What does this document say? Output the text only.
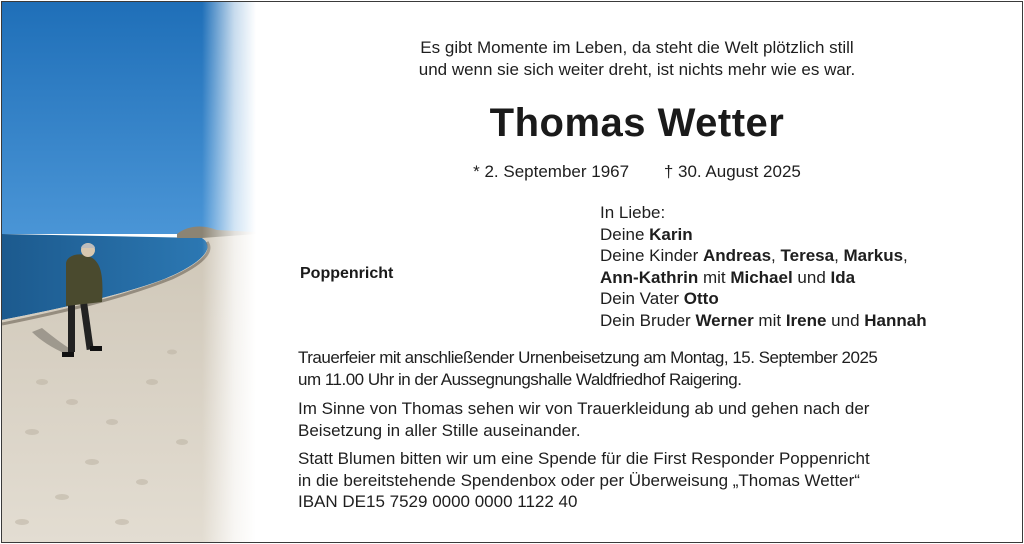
Es gibt Momente im Leben, da steht die Welt plötzlich still
und wenn sie sich weiter dreht, ist nichts mehr wie es war.
Thomas Wetter
* 2. September 1967 † 30. August 2025
Poppenricht
In Liebe:
Deine Karin
Deine Kinder Andreas, Teresa, Markus,
Ann-Kathrin mit Michael und Ida
Dein Vater Otto
Dein Bruder Werner mit Irene und Hannah
Trauerfeier mit anschließender Urnenbeisetzung am Montag, 15. September 2025
um 11.00 Uhr in der Aussegnungshalle Waldfriedhof Raigering.
Im Sinne von Thomas sehen wir von Trauerkleidung ab und gehen nach der
Beisetzung in aller Stille auseinander.
Statt Blumen bitten wir um eine Spende für die First Responder Poppenricht
in die bereitstehende Spendenbox oder per Überweisung „Thomas Wetter“
IBAN DE15 7529 0000 0000 1122 40
